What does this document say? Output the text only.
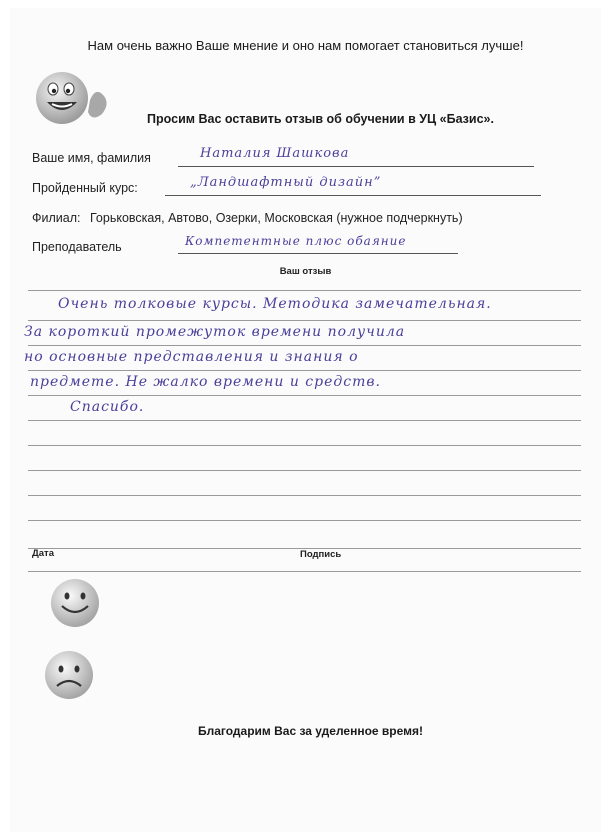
Нам очень важно Ваше мнение и оно нам помогает становиться лучше!
Просим Вас оставить отзыв об обучении в УЦ «Базис».
Ваше имя, фамилия	Наталия Шашкова
Пройденный курс:	„Ландшафтный дизайн”
Филиал: Горьковская, Автово, Озерки, Московская (нужное подчеркнуть)
Преподаватель	Компетентные плюс обаяние
Ваш отзыв
Очень толковые курсы. Методика замечательная.
За короткий промежуток времени получила
но основные представления и знания о
предмете. Не жалко времени и средств.
Спасибо.
Дата	Подпись
Благодарим Вас за уделенное время!
